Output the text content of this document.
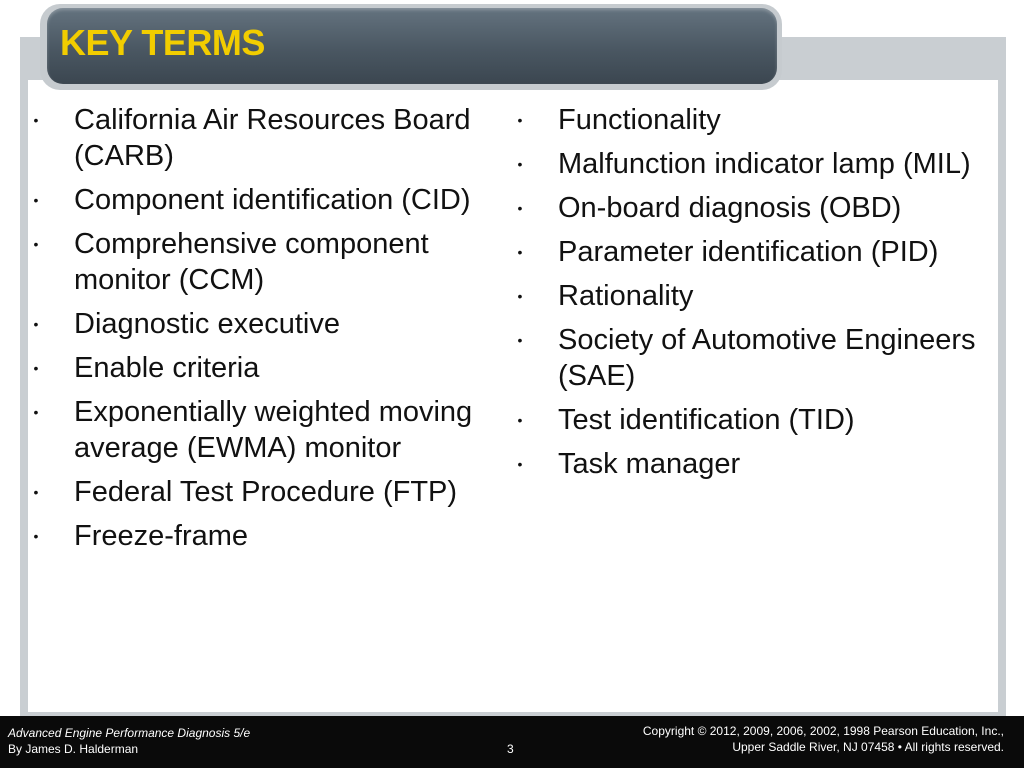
KEY TERMS
• California Air Resources Board (CARB)
• Component identification (CID)
• Comprehensive component monitor (CCM)
• Diagnostic executive
• Enable criteria
• Exponentially weighted moving average (EWMA) monitor
• Federal Test Procedure (FTP)
• Freeze-frame
• Functionality
• Malfunction indicator lamp (MIL)
• On-board diagnosis (OBD)
• Parameter identification (PID)
• Rationality
• Society of Automotive Engineers (SAE)
• Test identification (TID)
• Task manager
Advanced Engine Performance Diagnosis 5/e
By James D. Halderman	3
Copyright © 2012, 2009, 2006, 2002, 1998 Pearson Education, Inc.,
Upper Saddle River, NJ 07458 • All rights reserved.
